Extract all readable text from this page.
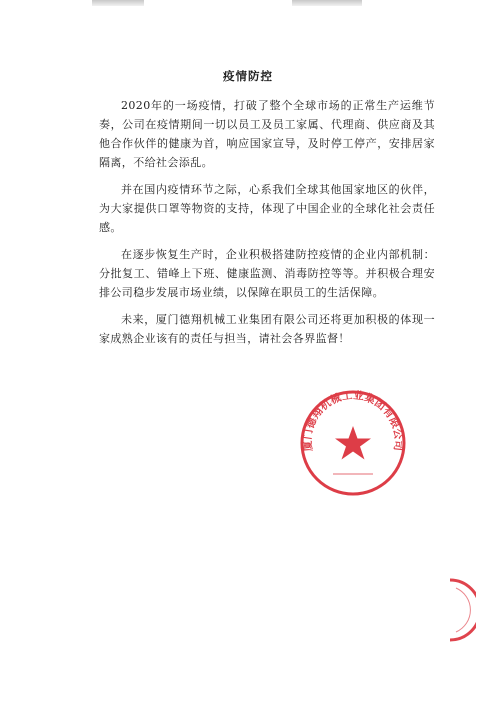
疫情防控

2020年的一场疫情，打破了整个全球市场的正常生产运维节奏，公司在疫情期间一切以员工及员工家属、代理商、供应商及其他合作伙伴的健康为首，响应国家宣导，及时停工停产，安排居家隔离，不给社会添乱。

并在国内疫情环节之际，心系我们全球其他国家地区的伙伴，为大家提供口罩等物资的支持，体现了中国企业的全球化社会责任感。

在逐步恢复生产时，企业积极搭建防控疫情的企业内部机制：分批复工、错峰上下班、健康监测、消毒防控等等。并积极合理安排公司稳步发展市场业绩，以保障在职员工的生活保障。

未来，厦门德翔机械工业集团有限公司还将更加积极的体现一家成熟企业该有的责任与担当，请社会各界监督！

厦门德翔机械工业集团有限公司
